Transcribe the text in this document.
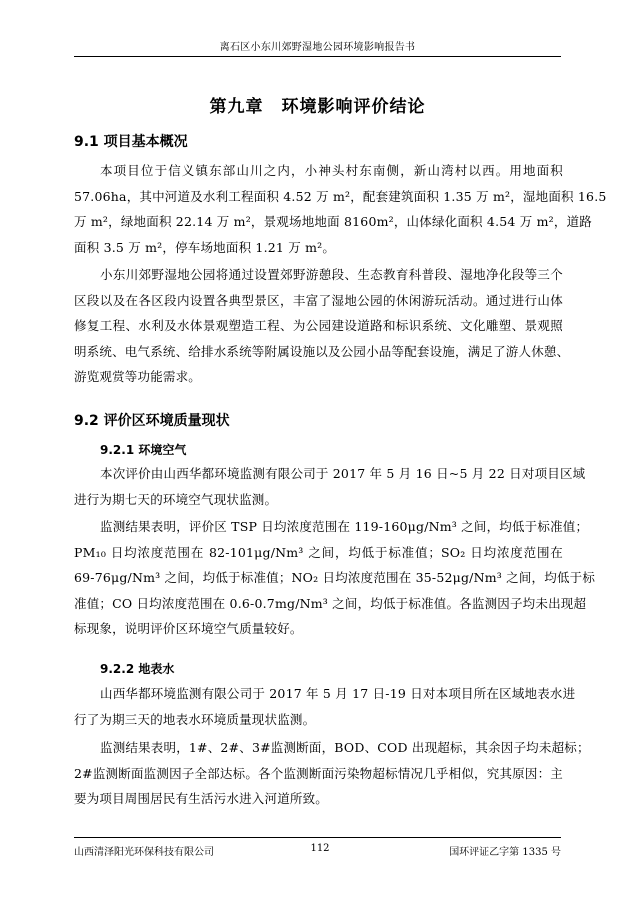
离石区小东川郊野湿地公园环境影响报告书
第九章　环境影响评价结论
9.1 项目基本概况
本项目位于信义镇东部山川之内，小神头村东南侧，新山湾村以西。用地面积
57.06ha，其中河道及水利工程面积 4.52 万 m²，配套建筑面积 1.35 万 m²，湿地面积 16.5
万 m²，绿地面积 22.14 万 m²，景观场地地面 8160m²，山体绿化面积 4.54 万 m²，道路
面积 3.5 万 m²，停车场地面积 1.21 万 m²。
小东川郊野湿地公园将通过设置郊野游憩段、生态教育科普段、湿地净化段等三个
区段以及在各区段内设置各典型景区，丰富了湿地公园的休闲游玩活动。通过进行山体
修复工程、水利及水体景观塑造工程、为公园建设道路和标识系统、文化雕塑、景观照
明系统、电气系统、给排水系统等附属设施以及公园小品等配套设施，满足了游人休憩、
游览观赏等功能需求。
9.2 评价区环境质量现状
9.2.1 环境空气
本次评价由山西华都环境监测有限公司于 2017 年 5 月 16 日~5 月 22 日对项目区域
进行为期七天的环境空气现状监测。
监测结果表明，评价区 TSP 日均浓度范围在 119-160μg/Nm³ 之间，均低于标准值；
PM₁₀ 日均浓度范围在 82-101μg/Nm³ 之间，均低于标准值；SO₂ 日均浓度范围在
69-76μg/Nm³ 之间，均低于标准值；NO₂ 日均浓度范围在 35-52μg/Nm³ 之间，均低于标
准值；CO 日均浓度范围在 0.6-0.7mg/Nm³ 之间，均低于标准值。各监测因子均未出现超
标现象，说明评价区环境空气质量较好。
9.2.2 地表水
山西华都环境监测有限公司于 2017 年 5 月 17 日-19 日对本项目所在区域地表水进
行了为期三天的地表水环境质量现状监测。
监测结果表明，1#、2#、3#监测断面，BOD、COD 出现超标，其余因子均未超标；
2#监测断面监测因子全部达标。各个监测断面污染物超标情况几乎相似，究其原因：主
要为项目周围居民有生活污水进入河道所致。
山西清泽阳光环保科技有限公司	112	国环评证乙字第 1335 号
